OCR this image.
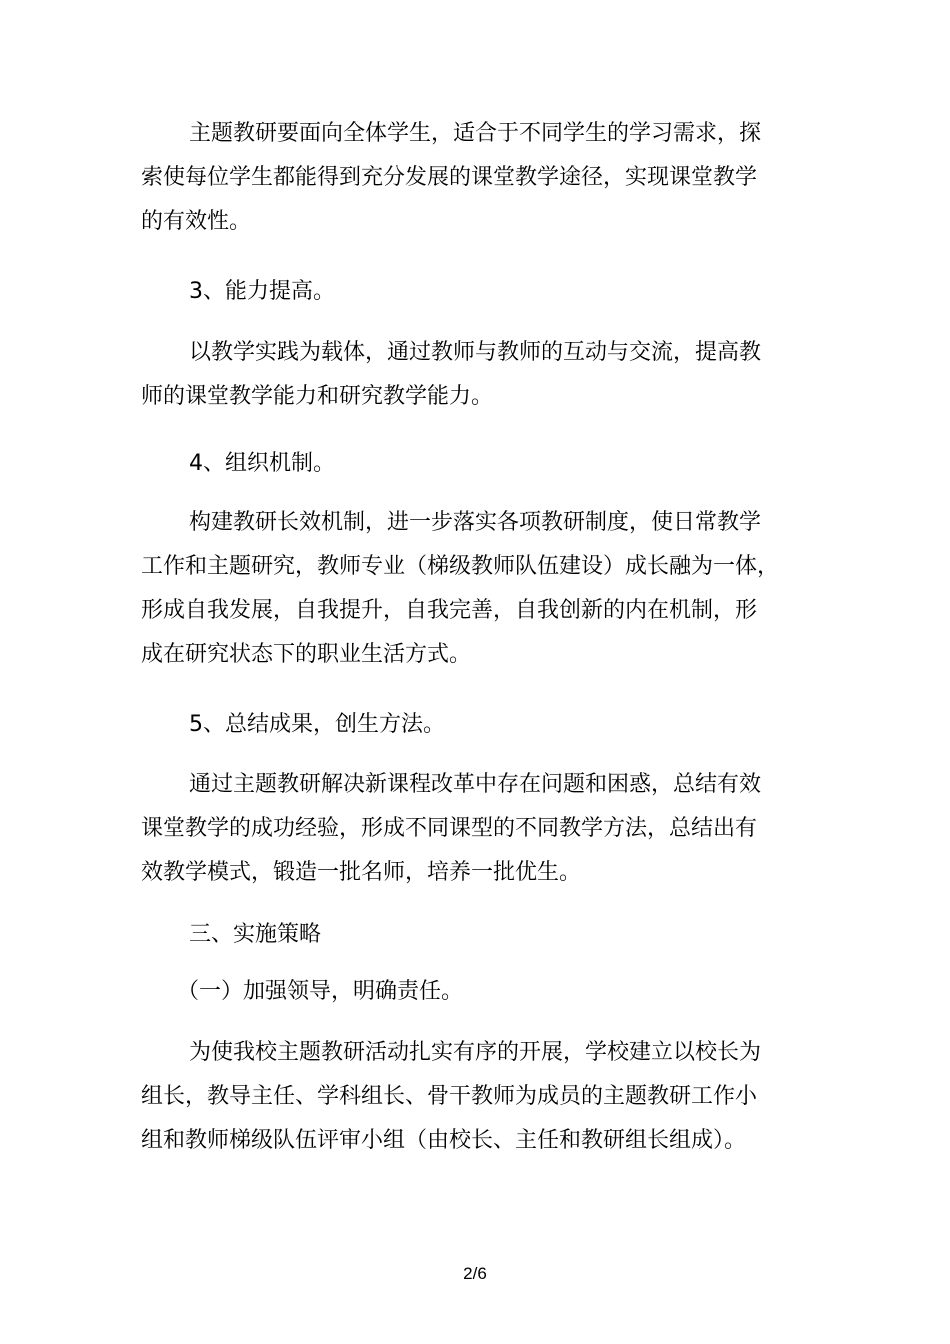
主题教研要面向全体学生，适合于不同学生的学习需求，探
索使每位学生都能得到充分发展的课堂教学途径，实现课堂教学
的有效性。

3、能力提高。

以教学实践为载体，通过教师与教师的互动与交流，提高教
师的课堂教学能力和研究教学能力。

4、组织机制。

构建教研长效机制，进一步落实各项教研制度，使日常教学
工作和主题研究，教师专业（梯级教师队伍建设）成长融为一体，
形成自我发展，自我提升，自我完善，自我创新的内在机制，形
成在研究状态下的职业生活方式。

5、总结成果，创生方法。

通过主题教研解决新课程改革中存在问题和困惑，总结有效
课堂教学的成功经验，形成不同课型的不同教学方法，总结出有
效教学模式，锻造一批名师，培养一批优生。

三、实施策略

（一）加强领导，明确责任。

为使我校主题教研活动扎实有序的开展，学校建立以校长为
组长，教导主任、学科组长、骨干教师为成员的主题教研工作小
组和教师梯级队伍评审小组（由校长、主任和教研组长组成）。

2/6
